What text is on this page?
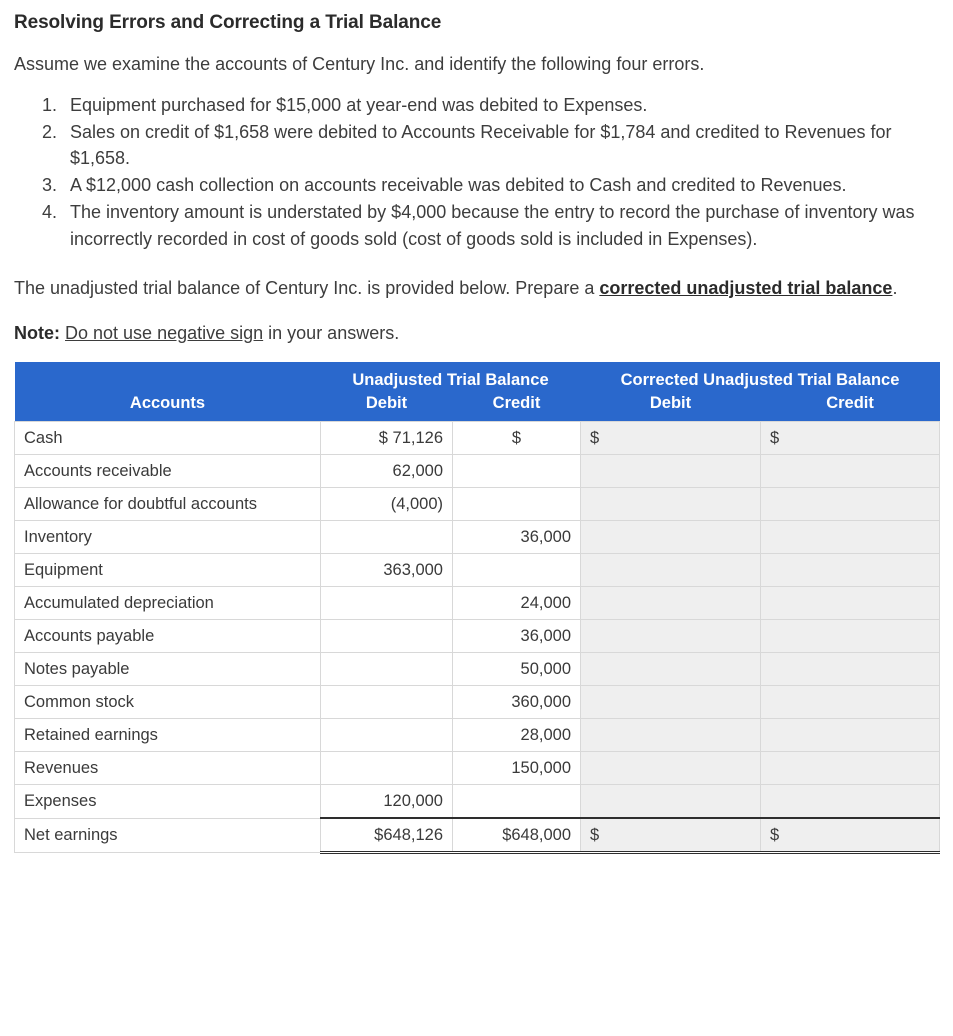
Resolving Errors and Correcting a Trial Balance

Assume we examine the accounts of Century Inc. and identify the following four errors.

1. Equipment purchased for $15,000 at year-end was debited to Expenses.
2. Sales on credit of $1,658 were debited to Accounts Receivable for $1,784 and credited to Revenues for $1,658.
3. A $12,000 cash collection on accounts receivable was debited to Cash and credited to Revenues.
4. The inventory amount is understated by $4,000 because the entry to record the purchase of inventory was incorrectly recorded in cost of goods sold (cost of goods sold is included in Expenses).

The unadjusted trial balance of Century Inc. is provided below. Prepare a corrected unadjusted trial balance.

Note: Do not use negative sign in your answers.

	Unadjusted Trial Balance		Corrected Unadjusted Trial Balance	
Accounts	Debit	Credit	Debit	Credit
Cash	$ 71,126	$	$	$
Accounts receivable	62,000			
Allowance for doubtful accounts	(4,000)			
Inventory		36,000		
Equipment	363,000			
Accumulated depreciation		24,000		
Accounts payable		36,000		
Notes payable		50,000		
Common stock		360,000		
Retained earnings		28,000		
Revenues		150,000		
Expenses	120,000			
Net earnings	$648,126	$648,000	$	$
